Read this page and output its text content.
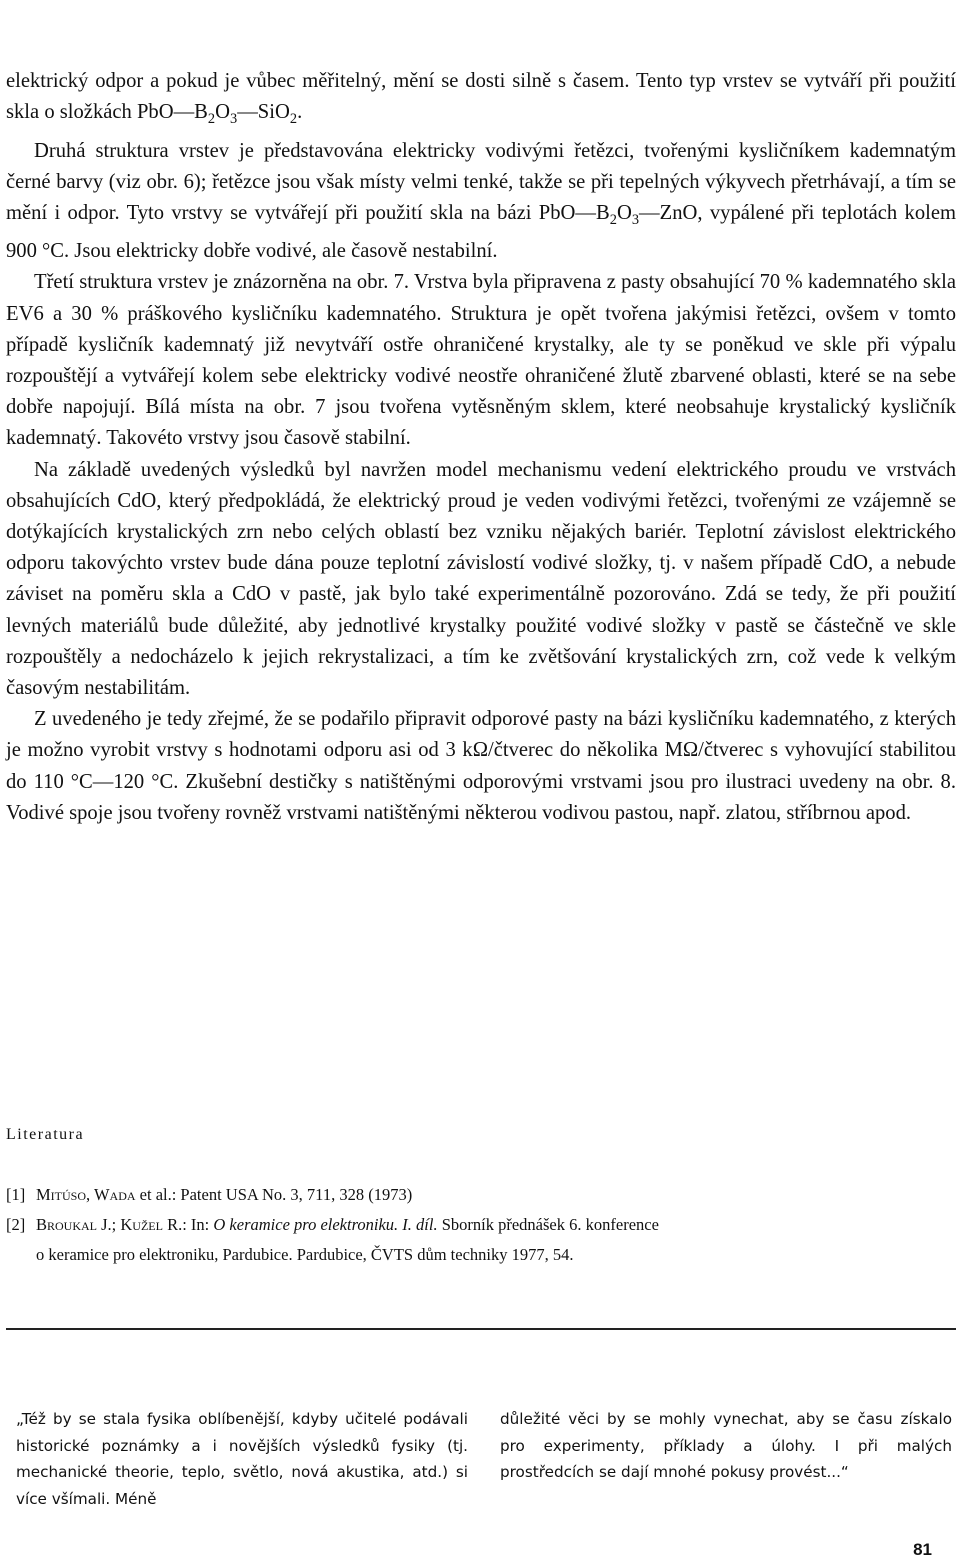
elektrický odpor a pokud je vůbec měřitelný, mění se dosti silně s časem. Tento typ vrstev se vytváří při použití skla o složkách $PbO—B_2O_3—SiO_2$.

Druhá struktura vrstev je představována elektricky vodivými řetězci, tvořenými kysličníkem kademnatým černé barvy (viz obr. 6); řetězce jsou však místy velmi tenké, takže se při tepelných výkyvech přetrhávají, a tím se mění i odpor. Tyto vrstvy se vytvářejí při použití skla na bázi $PbO—B_2O_3—ZnO$, vypálené při teplotách kolem 900 °C. Jsou elektricky dobře vodivé, ale časově nestabilní.

Třetí struktura vrstev je znázorněna na obr. 7. Vrstva byla připravena z pasty obsahující 70 % kademnatého skla EV6 a 30 % práškového kysličníku kademnatého. Struktura je opět tvořena jakýmisi řetězci, ovšem v tomto případě kysličník kademnatý již nevytváří ostře ohraničené krystalky, ale ty se poněkud ve skle při výpalu rozpouštějí a vytvářejí kolem sebe elektricky vodivé neostře ohraničené žlutě zbarvené oblasti, které se na sebe dobře napojují. Bílá místa na obr. 7 jsou tvořena vytěsněným sklem, které neobsahuje krystalický kysličník kademnatý. Takovéto vrstvy jsou časově stabilní.

Na základě uvedených výsledků byl navržen model mechanismu vedení elektrického proudu ve vrstvách obsahujících CdO, který předpokládá, že elektrický proud je veden vodivými řetězci, tvořenými ze vzájemně se dotýkajících krystalických zrn nebo celých oblastí bez vzniku nějakých bariér. Teplotní závislost elektrického odporu takovýchto vrstev bude dána pouze teplotní závislostí vodivé složky, tj. v našem případě CdO, a nebude záviset na poměru skla a CdO v pastě, jak bylo také experimentálně pozorováno. Zdá se tedy, že při použití levných materiálů bude důležité, aby jednotlivé krystalky použité vodivé složky v pastě se částečně ve skle rozpouštěly a nedocházelo k jejich rekrystalizaci, a tím ke zvětšování krystalických zrn, což vede k velkým časovým nestabilitám.

Z uvedeného je tedy zřejmé, že se podařilo připravit odporové pasty na bázi kysličníku kademnatého, z kterých je možno vyrobit vrstvy s hodnotami odporu asi od 3 kΩ/čtverec do několika MΩ/čtverec s vyhovující stabilitou do 110 °C—120 °C. Zkušební destičky s natištěnými odporovými vrstvami jsou pro ilustraci uvedeny na obr. 8. Vodivé spoje jsou tvořeny rovněž vrstvami natištěnými některou vodivou pastou, např. zlatou, stříbrnou apod.

Literatura

[1] Mitúso, Wada et al.: Patent USA No. 3, 711, 328 (1973)
[2] Broukal J.; Kužel R.: In: O keramice pro elektroniku. I. díl. Sborník přednášek 6. konference

o keramice pro elektroniku, Pardubice. Pardubice, ČVTS dům techniky 1977, 54.

„Též by se stala fysika oblíbenější, kdyby učitelé podávali historické poznámky a i novějších výsledků fysiky (tj. mechanické theorie, teplo, světlo, nová akustika, atd.) si více všímali. Méně

důležité věci by se mohly vynechat, aby se času získalo pro experimenty, příklady a úlohy. I při malých prostředcích se dají mnohé pokusy provést...“

81
